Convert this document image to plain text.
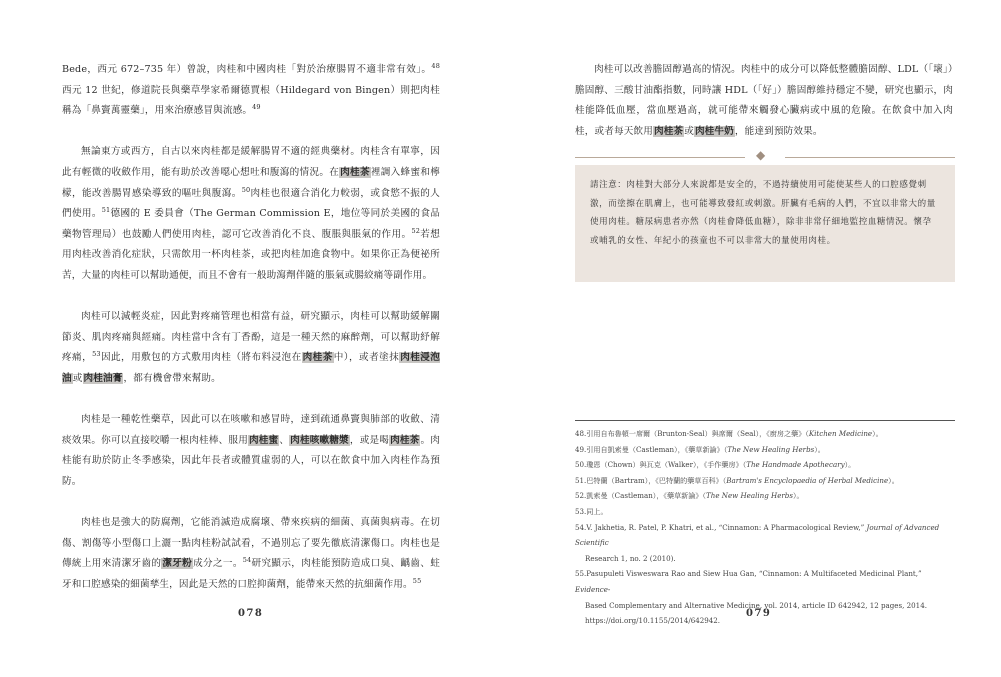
Bede，西元 672–735 年）曾說，肉桂和中國肉桂「對於治療腸胃不適非常有效」。$^{48}$西元 12 世紀，修道院長與藥草學家希爾德賈根（Hildegard von Bingen）則把肉桂稱為「鼻竇萬靈藥」，用來治療感冒與流感。$^{49}$

無論東方或西方，自古以來肉桂都是緩解腸胃不適的經典藥材。肉桂含有單寧，因此有輕微的收斂作用，能有助於改善噁心想吐和腹瀉的情況。在肉桂茶裡調入蜂蜜和檸檬，能改善腸胃感染導致的嘔吐與腹瀉。$^{50}$肉桂也很適合消化力較弱，或食慾不振的人們使用。$^{51}$德國的 E 委員會（The German Commission E，地位等同於美國的食品藥物管理局）也鼓勵人們使用肉桂，認可它改善消化不良、腹脹與脹氣的作用。$^{52}$若想用肉桂改善消化症狀，只需飲用一杯肉桂茶，或把肉桂加進食物中。如果你正為便祕所苦，大量的肉桂可以幫助通便，而且不會有一般助瀉劑伴隨的脹氣或腸絞痛等副作用。

肉桂可以減輕炎症，因此對疼痛管理也相當有益，研究顯示，肉桂可以幫助緩解關節炎、肌肉疼痛與經痛。肉桂當中含有丁香酚，這是一種天然的麻醉劑，可以幫助紓解疼痛，$^{53}$因此，用敷包的方式敷用肉桂（將布料浸泡在肉桂茶中），或者塗抹肉桂浸泡油或肉桂油膏，都有機會帶來幫助。

肉桂是一種乾性藥草，因此可以在咳嗽和感冒時，達到疏通鼻竇與肺部的收斂、清痰效果。你可以直接咬嚼一根肉桂棒、服用肉桂蜜、肉桂咳嗽糖漿，或是喝肉桂茶。肉桂能有助於防止冬季感染，因此年長者或體質虛弱的人，可以在飲食中加入肉桂作為預防。

肉桂也是強大的防腐劑，它能消滅造成腐壞、帶來疾病的細菌、真菌與病毒。在切傷、割傷等小型傷口上灑一點肉桂粉試試看，不過別忘了要先徹底清潔傷口。肉桂也是傳統上用來清潔牙齒的潔牙粉成分之一。$^{54}$研究顯示，肉桂能預防造成口臭、齲齒、蛀牙和口腔感染的細菌孳生，因此是天然的口腔抑菌劑，能帶來天然的抗細菌作用。$^{55}$

078

肉桂可以改善膽固醇過高的情況。肉桂中的成分可以降低整體膽固醇、LDL（「壞」）膽固醇、三酸甘油酯指數，同時讓 HDL（「好」）膽固醇維持穩定不變，研究也顯示，肉桂能降低血壓，當血壓過高，就可能帶來觸發心臟病或中風的危險。在飲食中加入肉桂，或者每天飲用肉桂茶或肉桂牛奶，能達到預防效果。

◆
請注意：肉桂對大部分人來說都是安全的，不過持續使用可能使某些人的口腔感覺刺激，而塗擦在肌膚上，也可能導致發紅或刺激。肝臟有毛病的人們，不宜以非常大的量使用肉桂。糖尿病患者亦然（肉桂會降低血糖），除非非常仔細地監控血糖情況。懷孕或哺乳的女性、年紀小的孩童也不可以非常大的量使用肉桂。

48.引用自布魯頓一席爾（Brunton-Seal）與席爾（Seal），《廚房之藥》（Kitchen Medicine）。

49.引用自凱索曼（Castleman），《藥草新論》（The New Healing Herbs）。

50.瓊恩（Chown）與瓦克（Walker），《手作藥房》（The Handmade Apothecary）。

51.巴特蘭（Bartram），《巴特蘭的藥草百科》（Bartram's Encyclopaedia of Herbal Medicine）。

52.凱索曼（Castleman），《藥草新論》（The New Healing Herbs）。

53.同上。

54.V. Jakhetia, R. Patel, P. Khatri, et al., “Cinnamon: A Pharmacological Review,” Journal of Advanced Scientific
Research 1, no. 2 (2010).

55.Pasupuleti Visweswara Rao and Siew Hua Gan, “Cinnamon: A Multifaceted Medicinal Plant,” Evidence-
Based Complementary and Alternative Medicine, vol. 2014, article ID 642942, 12 pages, 2014. https://doi.org/10.1155/2014/642942.

079
